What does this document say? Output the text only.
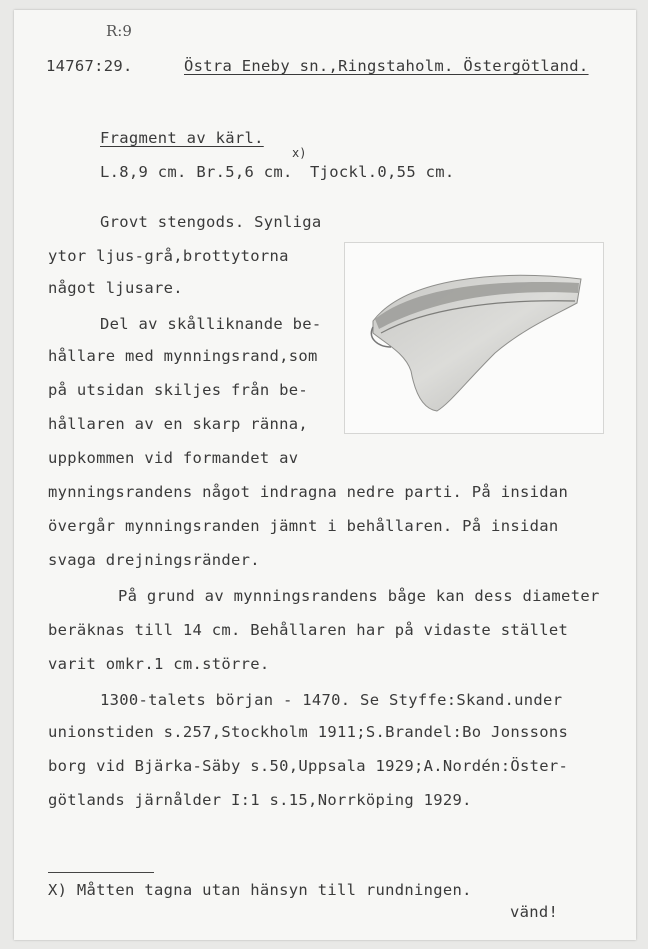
R:9
14767:29.	Östra Eneby sn.,Ringstaholm. Östergötland.
Fragment av kärl.
L.8,9 cm. Br.5,6 cm.
x)
Tjockl.0,55 cm.
Grovt stengods. Synliga
ytor ljus-grå,brottytorna
något ljusare.
Del av skålliknande be-
hållare med mynningsrand,som
på utsidan skiljes från be-
hållaren av en skarp ränna,
uppkommen vid formandet av
mynningsrandens något indragna nedre parti. På insidan
övergår mynningsranden jämnt i behållaren. På insidan
svaga drejningsränder.
På grund av mynningsrandens båge kan dess diameter
beräknas till 14 cm. Behållaren har på vidaste stället
varit omkr.1 cm.större.
1300-talets början - 1470. Se Styffe:Skand.under
unionstiden s.257,Stockholm 1911;S.Brandel:Bo Jonssons
borg vid Bjärka-Säby s.50,Uppsala 1929;A.Nordén:Öster-
götlands järnålder I:1 s.15,Norrköping 1929.
X) Måtten tagna utan hänsyn till rundningen.
vänd!
